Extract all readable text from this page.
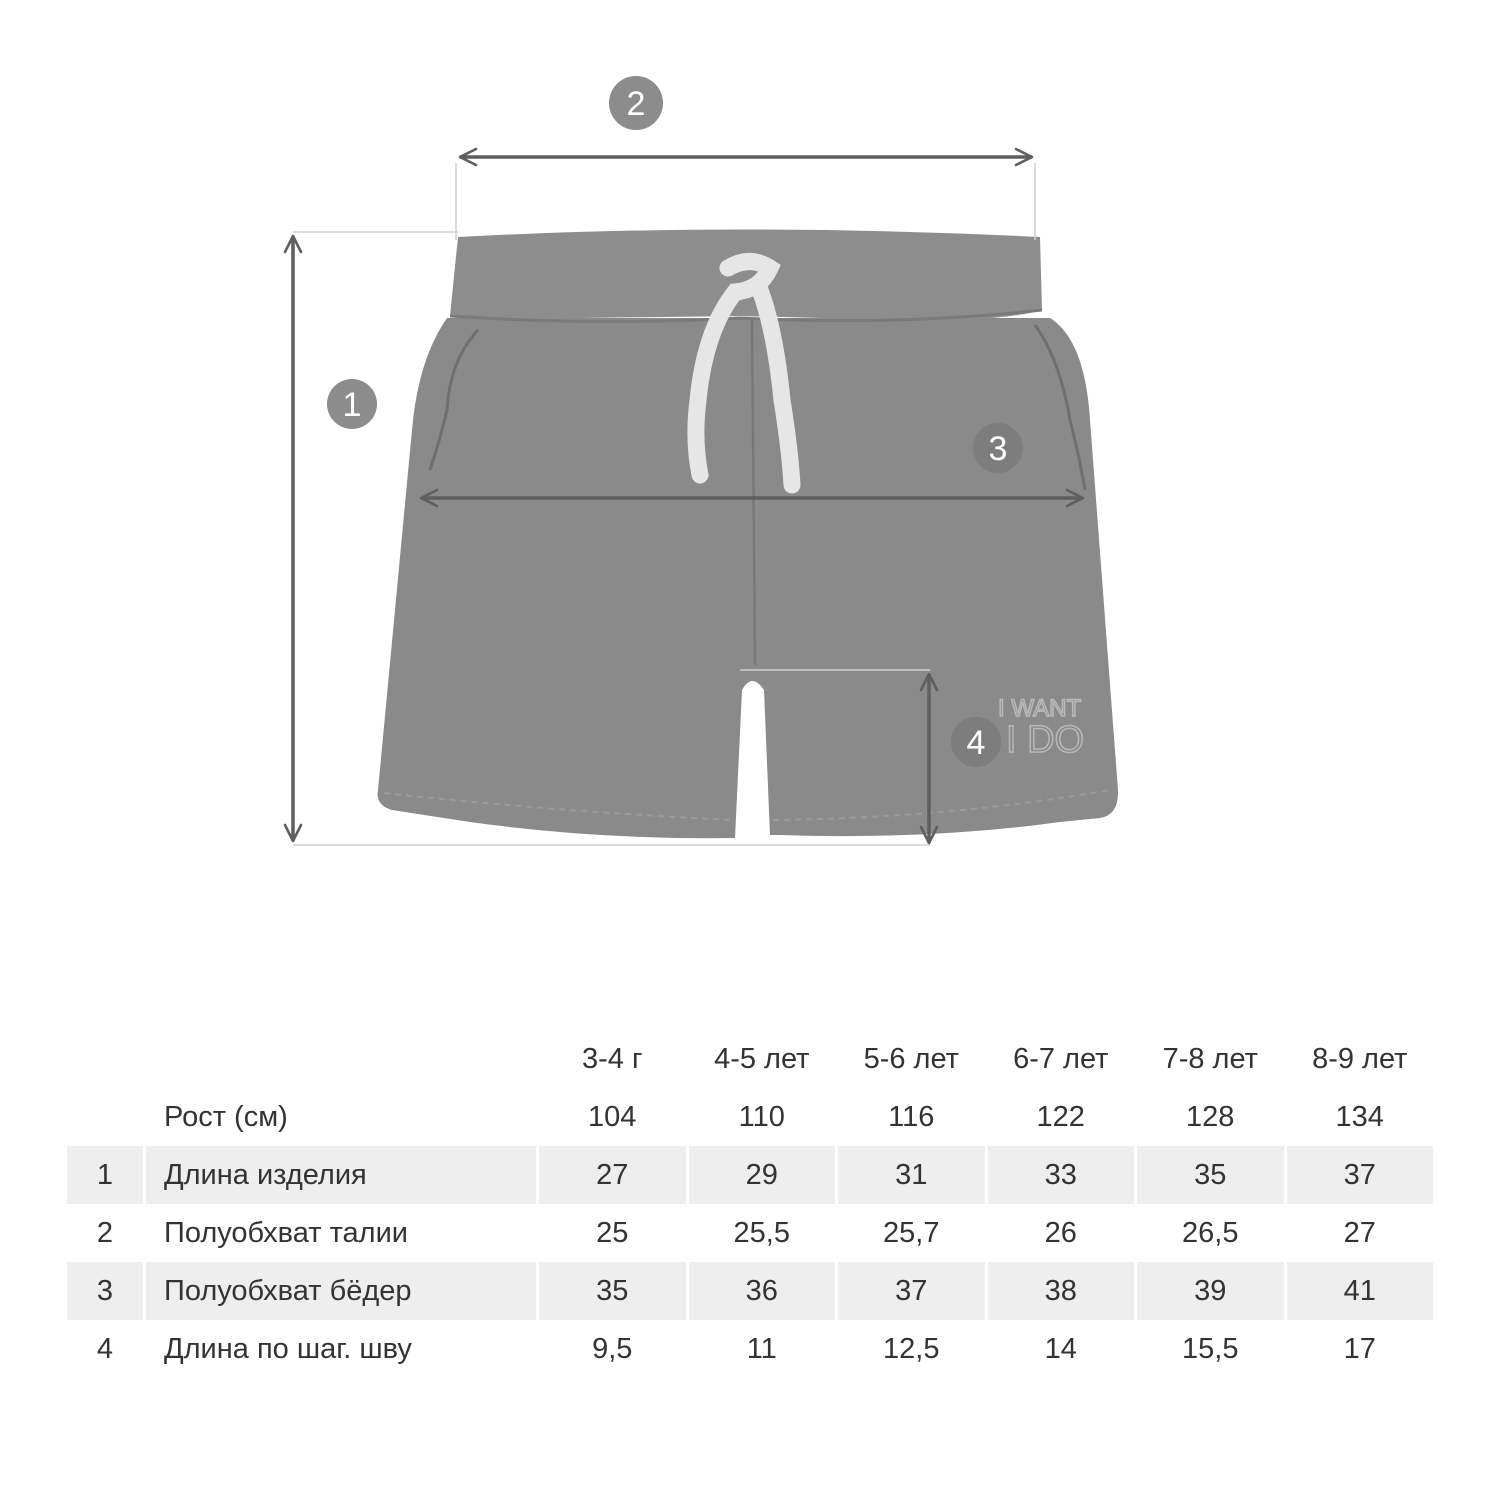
I WANT
I DO
2
1
3
4
		3-4 г	4-5 лет	5-6 лет	6-7 лет	7-8 лет	8-9 лет
	Рост (см)	104	110	116	122	128	134
1	Длина изделия	27	29	31	33	35	37
2	Полуобхват талии	25	25,5	25,7	26	26,5	27
3	Полуобхват бёдер	35	36	37	38	39	41
4	Длина по шаг. шву	9,5	11	12,5	14	15,5	17
